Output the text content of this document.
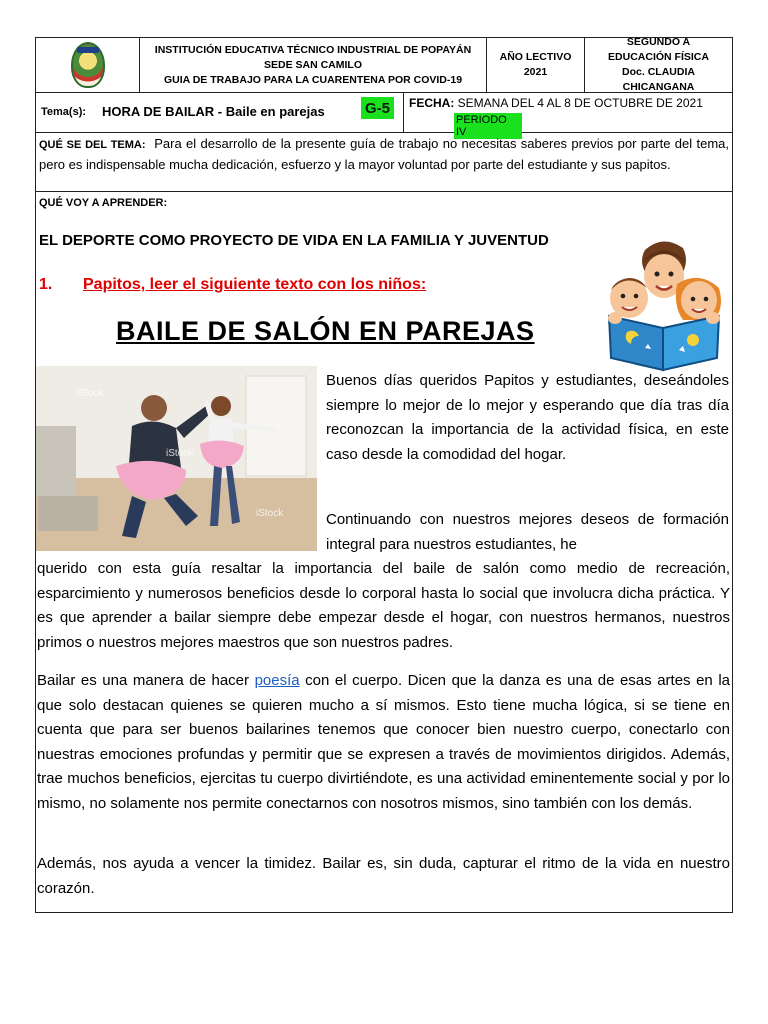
INSTITUCIÓN EDUCATIVA TÉCNICO INDUSTRIAL DE POPAYÁN
SEDE SAN CAMILO
GUIA DE TRABAJO PARA LA CUARENTENA POR COVID-19
AÑO LECTIVO
2021
SEGUNDO A
EDUCACIÓN FÍSICA
Doc. CLAUDIA CHICANGANA
Tema(s): HORA DE BAILAR - Baile en parejas	G-5	FECHA: SEMANA DEL 4 AL 8 DE OCTUBRE DE 2021
PERIODO IV
QUÉ SE DEL TEMA: Para el desarrollo de la presente guía de trabajo no necesitas saberes previos por parte del tema, pero es indispensable mucha dedicación, esfuerzo y la mayor voluntad por parte del estudiante y sus papitos.
QUÉ VOY A APRENDER:
EL DEPORTE COMO PROYECTO DE VIDA EN LA FAMILIA Y JUVENTUD
1. Papitos, leer el siguiente texto con los niños:
BAILE DE SALÓN EN PAREJAS
iStock
iStock
iStock
Buenos días queridos Papitos y estudiantes, deseándoles siempre lo mejor de lo mejor y esperando que día tras día reconozcan la importancia de la actividad física, en este caso desde la comodidad del hogar.
Continuando con nuestros mejores deseos de formación integral para nuestros estudiantes, he
querido con esta guía resaltar la importancia del baile de salón como medio de recreación, esparcimiento y numerosos beneficios desde lo corporal hasta lo social que involucra dicha práctica. Y es que aprender a bailar siempre debe empezar desde el hogar, con nuestros hermanos, nuestros primos o nuestros mejores maestros que son nuestros padres.
Bailar es una manera de hacer poesía con el cuerpo. Dicen que la danza es una de esas artes en la que solo destacan quienes se quieren mucho a sí mismos. Esto tiene mucha lógica, si se tiene en cuenta que para ser buenos bailarines tenemos que conocer bien nuestro cuerpo, conectarlo con nuestras emociones profundas y permitir que se expresen a través de movimientos dirigidos. Además, trae muchos beneficios, ejercitas tu cuerpo divirtiéndote, es una actividad eminentemente social y por lo mismo, no solamente nos permite conectarnos con nosotros mismos, sino también con los demás.
Además, nos ayuda a vencer la timidez. Bailar es, sin duda, capturar el ritmo de la vida en nuestro corazón.
